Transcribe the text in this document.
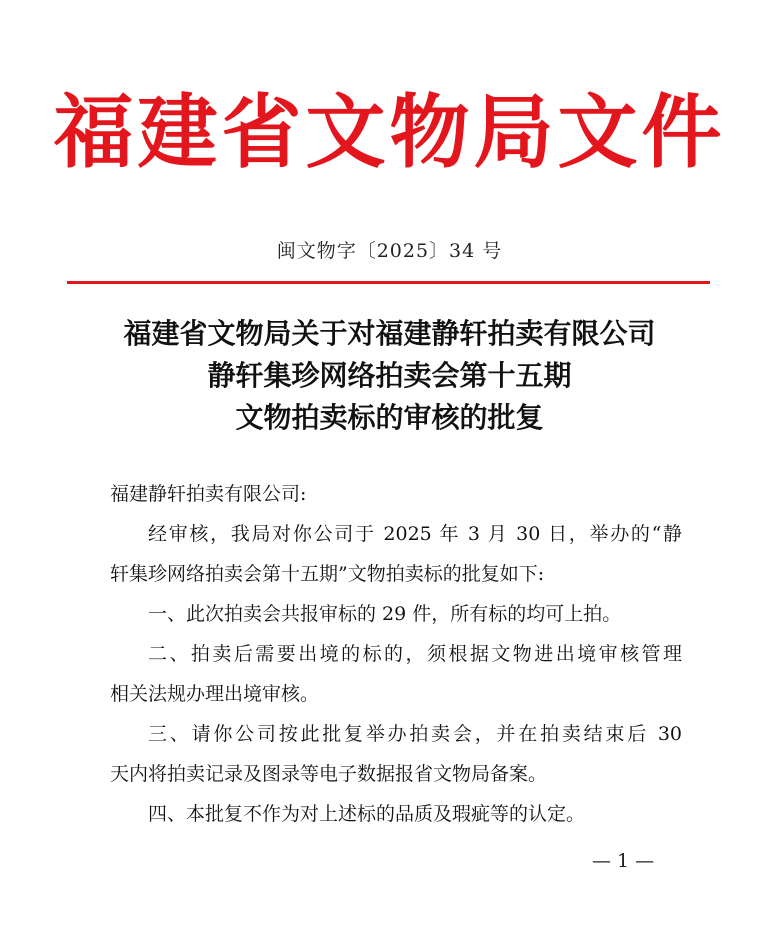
福建省文物局文件
闽文物字〔2025〕34 号
福建省文物局关于对福建静轩拍卖有限公司
静轩集珍网络拍卖会第十五期
文物拍卖标的审核的批复
福建静轩拍卖有限公司:
经审核，我局对你公司于 2025 年 3 月 30 日，举办的“静
轩集珍网络拍卖会第十五期”文物拍卖标的批复如下:
一、此次拍卖会共报审标的 29 件，所有标的均可上拍。
二、拍卖后需要出境的标的，须根据文物进出境审核管理
相关法规办理出境审核。
三、请你公司按此批复举办拍卖会，并在拍卖结束后 30
天内将拍卖记录及图录等电子数据报省文物局备案。
四、本批复不作为对上述标的品质及瑕疵等的认定。
— 1 —
